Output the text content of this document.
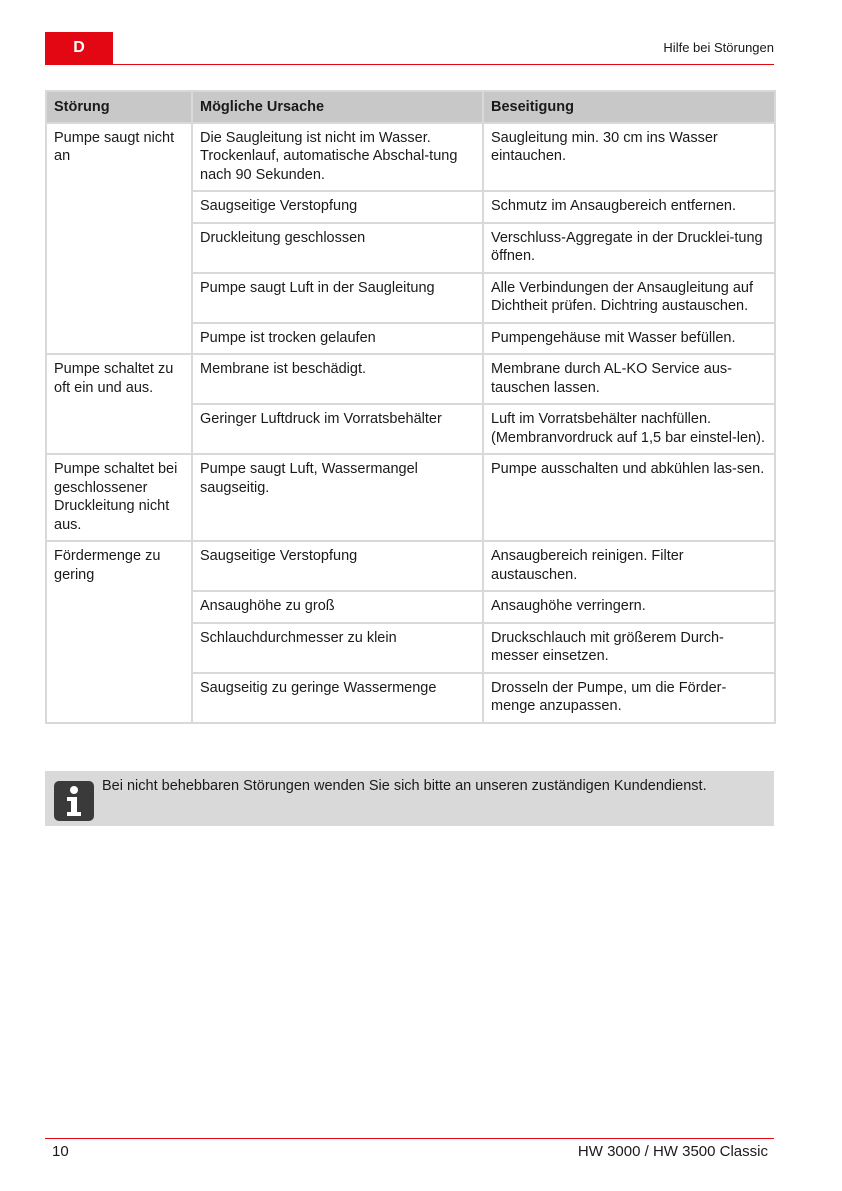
D	Hilfe bei Störungen
Störung	Mögliche Ursache	Beseitigung
Pumpe saugt nicht an	Die Saugleitung ist nicht im Wasser. Trockenlauf, automatische Abschal-tung nach 90 Sekunden.	Saugleitung min. 30 cm ins Wasser eintauchen.
	Saugseitige Verstopfung	Schmutz im Ansaugbereich entfernen.
	Druckleitung geschlossen	Verschluss-Aggregate in der Drucklei-tung öffnen.
	Pumpe saugt Luft in der Saugleitung	Alle Verbindungen der Ansaugleitung auf Dichtheit prüfen. Dichtring austauschen.
	Pumpe ist trocken gelaufen	Pumpengehäuse mit Wasser befüllen.
Pumpe schaltet zu oft ein und aus.	Membrane ist beschädigt.	Membrane durch AL-KO Service aus-tauschen lassen.
	Geringer Luftdruck im Vorratsbehälter	Luft im Vorratsbehälter nachfüllen. (Membranvordruck auf 1,5 bar einstel-len).
Pumpe schaltet bei geschlossener Druckleitung nicht aus.	Pumpe saugt Luft, Wassermangel saugseitig.	Pumpe ausschalten und abkühlen las-sen.
Fördermenge zu gering	Saugseitige Verstopfung	Ansaugbereich reinigen. Filter austauschen.
	Ansaughöhe zu groß	Ansaughöhe verringern.
	Schlauchdurchmesser zu klein	Druckschlauch mit größerem Durch-messer einsetzen.
	Saugseitig zu geringe Wassermenge	Drosseln der Pumpe, um die Förder-menge anzupassen.
Bei nicht behebbaren Störungen wenden Sie sich bitte an unseren zuständigen Kundendienst.
10	HW 3000 / HW 3500 Classic
